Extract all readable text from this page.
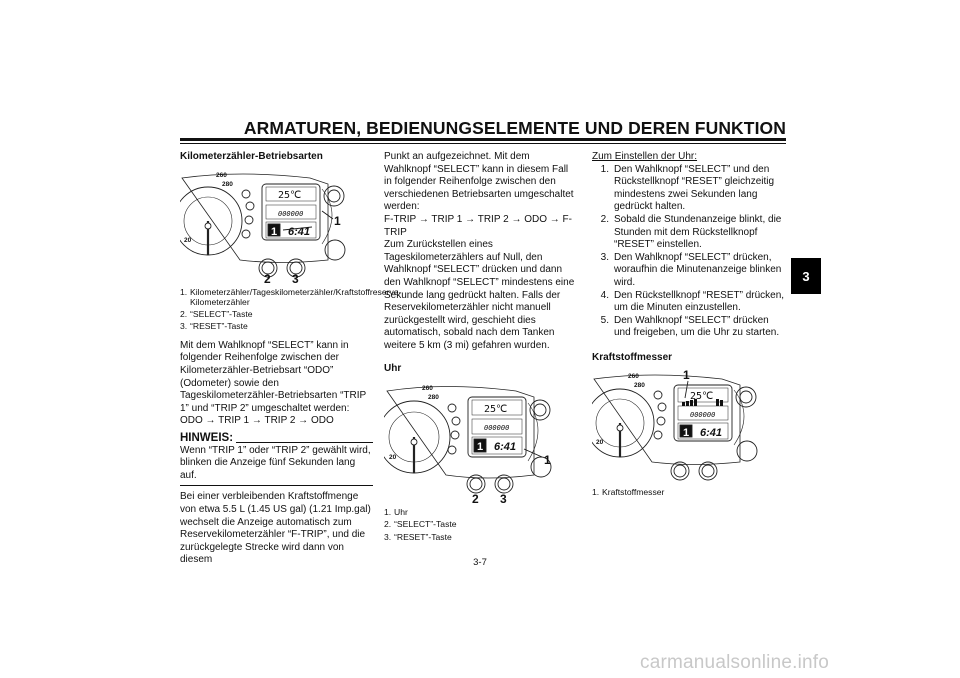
ARMATUREN, BEDIENUNGSELEMENTE UND DEREN FUNKTION
3
Kilometerzähler-Betriebsarten
260
280
20
25℃
000000
1 6:41
1
2 3
1. Kilometerzähler/Tageskilometerzähler/Kraftstoffreserve-Kilometerzähler
2. “SELECT”-Taste
3. “RESET”-Taste

Mit dem Wahlknopf “SELECT” kann in folgender Reihenfolge zwischen der Kilometerzähler-Betriebsart “ODO” (Odometer) sowie den Tageskilometerzähler-Betriebsarten “TRIP 1” und “TRIP 2” umgeschaltet werden:

ODO → TRIP 1 → TRIP 2 → ODO

HINWEIS:

Wenn “TRIP 1” oder “TRIP 2” gewählt wird, blinken die Anzeige fünf Sekunden lang auf.

Bei einer verbleibenden Kraftstoffmenge von etwa 5.5 L (1.45 US gal) (1.21 Imp.gal) wechselt die Anzeige automatisch zum Reservekilometerzähler “F-TRIP”, und die zurückgelegte Strecke wird dann von diesem

Punkt an aufgezeichnet. Mit dem Wahlknopf “SELECT” kann in diesem Fall in folgender Reihenfolge zwischen den verschiedenen Betriebsarten umgeschaltet werden:

F-TRIP → TRIP 1 → TRIP 2 → ODO → F-TRIP

Zum Zurückstellen eines Tageskilometerzählers auf Null, den Wahlknopf “SELECT” drücken und dann den Wahlknopf “SELECT” mindestens eine Sekunde lang gedrückt halten. Falls der Reservekilometerzähler nicht manuell zurückgestellt wird, geschieht dies automatisch, sobald nach dem Tanken weitere 5 km (3 mi) gefahren wurden.

Uhr
260
280
20
25℃
000000
1 6:41
1
2 3
1. Uhr
2. “SELECT”-Taste
3. “RESET”-Taste
Zum Einstellen der Uhr:
1. Den Wahlknopf “SELECT” und den Rückstellknopf “RESET” gleichzeitig mindestens zwei Sekunden lang gedrückt halten.
2. Sobald die Stundenanzeige blinkt, die Stunden mit dem Rückstellknopf “RESET” einstellen.
3. Den Wahlknopf “SELECT” drücken, woraufhin die Minutenanzeige blinken wird.
4. Den Rückstellknopf “RESET” drücken, um die Minuten einzustellen.
5. Den Wahlknopf “SELECT” drücken und freigeben, um die Uhr zu starten.
Kraftstoffmesser
260
280
20
25℃
000000
1 6:41
1
1. Kraftstoffmesser
3-7
carmanualsonline.info
